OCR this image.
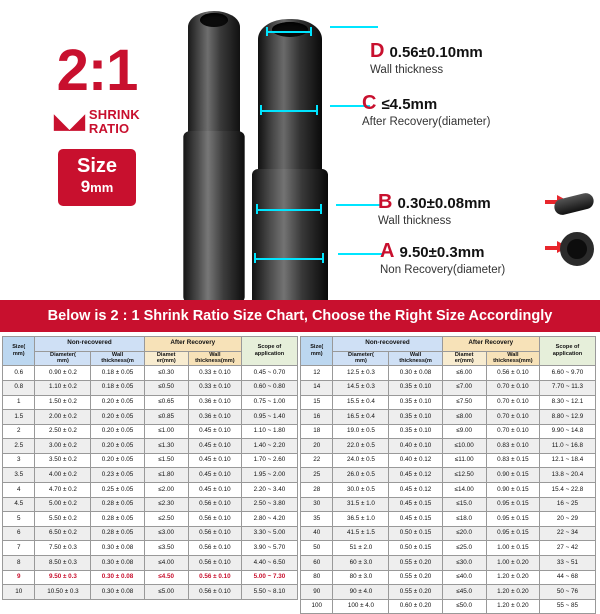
2:1
◣◢ SHRINK
RATIO
Size
9mm
D 0.56±0.10mm
Wall thickness
C ≤4.5mm
After Recovery(diameter)
B 0.30±0.08mm
Wall thickness
A 9.50±0.3mm
Non Recovery(diameter)
Below is 2 : 1 Shrink Ratio Size Chart, Choose the Right Size Accordingly
Size(
mm)	Non-recovered		After Recovery		Scope of
application
	Diameter(
mm)	Wall
thickness(m	Diamet
er(mm)	Wall
thickness(mm)	
0.6	0.90 ± 0.2	0.18 ± 0.05	≤0.30	0.33 ± 0.10	0.45 ~ 0.70
0.8	1.10 ± 0.2	0.18 ± 0.05	≤0.50	0.33 ± 0.10	0.60 ~ 0.80
1	1.50 ± 0.2	0.20 ± 0.05	≤0.65	0.36 ± 0.10	0.75 ~ 1.00
1.5	2.00 ± 0.2	0.20 ± 0.05	≤0.85	0.36 ± 0.10	0.95 ~ 1.40
2	2.50 ± 0.2	0.20 ± 0.05	≤1.00	0.45 ± 0.10	1.10 ~ 1.80
2.5	3.00 ± 0.2	0.20 ± 0.05	≤1.30	0.45 ± 0.10	1.40 ~ 2.20
3	3.50 ± 0.2	0.20 ± 0.05	≤1.50	0.45 ± 0.10	1.70 ~ 2.60
3.5	4.00 ± 0.2	0.23 ± 0.05	≤1.80	0.45 ± 0.10	1.95 ~ 2.00
4	4.70 ± 0.2	0.25 ± 0.05	≤2.00	0.45 ± 0.10	2.20 ~ 3.40
4.5	5.00 ± 0.2	0.28 ± 0.05	≤2.30	0.56 ± 0.10	2.50 ~ 3.80
5	5.50 ± 0.2	0.28 ± 0.05	≤2.50	0.56 ± 0.10	2.80 ~ 4.20
6	6.50 ± 0.2	0.28 ± 0.05	≤3.00	0.56 ± 0.10	3.30 ~ 5.00
7	7.50 ± 0.3	0.30 ± 0.08	≤3.50	0.56 ± 0.10	3.90 ~ 5.70
8	8.50 ± 0.3	0.30 ± 0.08	≤4.00	0.56 ± 0.10	4.40 ~ 6.50
9	9.50 ± 0.3	0.30 ± 0.08	≤4.50	0.56 ± 0.10	5.00 ~ 7.30
10	10.50 ± 0.3	0.30 ± 0.08	≤5.00	0.56 ± 0.10	5.50 ~ 8.10
Size(
mm)	Non-recovered		After Recovery		Scope of
application
	Diameter(
mm)	Wall
thickness(m	Diamet
er(mm)	Wall
thickness(mm)	
12	12.5 ± 0.3	0.30 ± 0.08	≤6.00	0.56 ± 0.10	6.60 ~ 9.70
14	14.5 ± 0.3	0.35 ± 0.10	≤7.00	0.70 ± 0.10	7.70 ~ 11.3
15	15.5 ± 0.4	0.35 ± 0.10	≤7.50	0.70 ± 0.10	8.30 ~ 12.1
16	16.5 ± 0.4	0.35 ± 0.10	≤8.00	0.70 ± 0.10	8.80 ~ 12.9
18	19.0 ± 0.5	0.35 ± 0.10	≤9.00	0.70 ± 0.10	9.90 ~ 14.8
20	22.0 ± 0.5	0.40 ± 0.10	≤10.00	0.83 ± 0.10	11.0 ~ 16.8
22	24.0 ± 0.5	0.40 ± 0.12	≤11.00	0.83 ± 0.15	12.1 ~ 18.4
25	26.0 ± 0.5	0.45 ± 0.12	≤12.50	0.90 ± 0.15	13.8 ~ 20.4
28	30.0 ± 0.5	0.45 ± 0.12	≤14.00	0.90 ± 0.15	15.4 ~ 22.8
30	31.5 ± 1.0	0.45 ± 0.15	≤15.0	0.95 ± 0.15	16 ~ 25
35	36.5 ± 1.0	0.45 ± 0.15	≤18.0	0.95 ± 0.15	20 ~ 29
40	41.5 ± 1.5	0.50 ± 0.15	≤20.0	0.95 ± 0.15	22 ~ 34
50	51 ± 2.0	0.50 ± 0.15	≤25.0	1.00 ± 0.15	27 ~ 42
60	60 ± 3.0	0.55 ± 0.20	≤30.0	1.00 ± 0.20	33 ~ 51
80	80 ± 3.0	0.55 ± 0.20	≤40.0	1.20 ± 0.20	44 ~ 68
90	90 ± 4.0	0.55 ± 0.20	≤45.0	1.20 ± 0.20	50 ~ 76
100	100 ± 4.0	0.60 ± 0.20	≤50.0	1.20 ± 0.20	55 ~ 85
